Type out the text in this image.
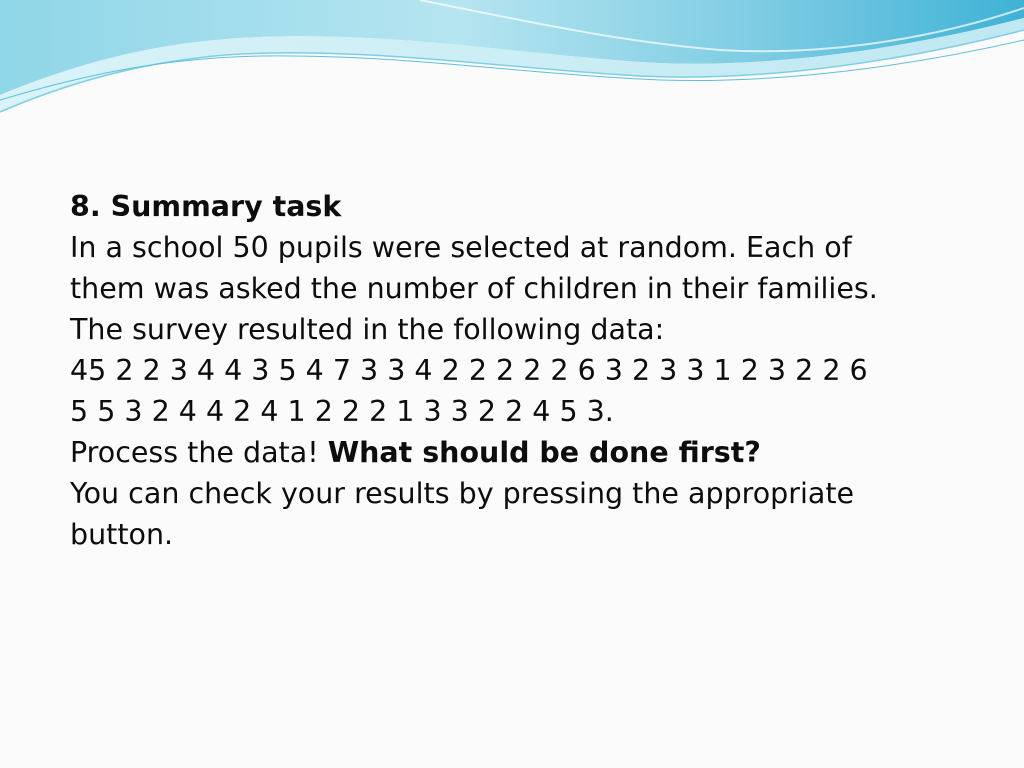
8. Summary task

In a school 50 pupils were selected at random. Each of

them was asked the number of children in their families.

The survey resulted in the following data:

45 2 2 3 4 4 3 5 4 7 3 3 4 2 2 2 2 2 6 3 2 3 3 1 2 3 2 2 6

5 5 3 2 4 4 2 4 1 2 2 2 1 3 3 2 2 4 5 3.

Process the data! What should be done first?

You can check your results by pressing the appropriate

button.
